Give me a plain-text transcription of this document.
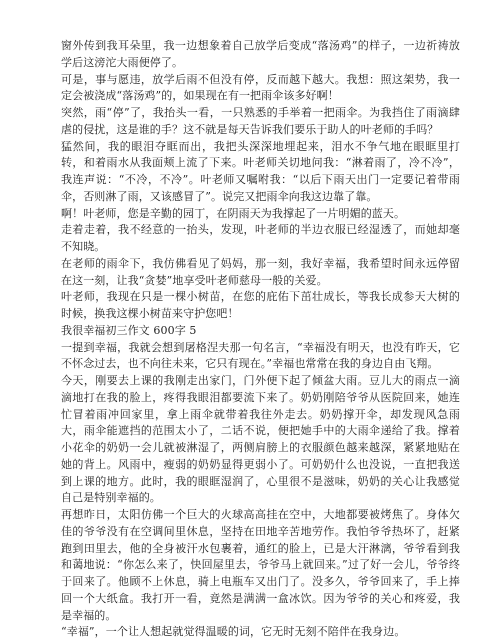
窗外传到我耳朵里，我一边想象着自己放学后变成“落汤鸡”的样子，一边祈祷放学后这滂沱大雨便停了。

可是，事与愿违，放学后雨不但没有停，反而越下越大。我想：照这架势，我一定会被浇成“落汤鸡”的，如果现在有一把雨伞该多好啊！

突然，雨“停”了，我抬头一看，一只熟悉的手举着一把雨伞。为我挡住了雨滴肆虐的侵扰，这是谁的手？这不就是每天告诉我们要乐于助人的叶老师的手吗？

猛然间，我的眼泪夺眶而出，我把头深深地埋起来，泪水不争气地在眼眶里打转，和着雨水从我面颊上流了下来。叶老师关切地问我：“淋着雨了，冷不冷”，我连声说：“不冷，不冷”。叶老师又嘱咐我：“以后下雨天出门一定要记着带雨伞，否则淋了雨，又该感冒了”。说完又把雨伞向我这边靠了靠。

啊！叶老师，您是辛勤的园丁，在阴雨天为我撑起了一片明媚的蓝天。

走着走着，我不经意的一抬头，发现，叶老师的半边衣服已经湿透了，而她却毫不知晓。

在老师的雨伞下，我仿佛看见了妈妈，那一刻，我好幸福，我希望时间永远停留在这一刻，让我“贪婪”地享受叶老师慈母一般的关爱。

叶老师，我现在只是一棵小树苗，在您的庇佑下茁壮成长，等我长成参天大树的时候，换我这棵小树苗来守护您吧！

我很幸福初三作文 600字 5

一提到幸福，我就会想到屠格涅夫那一句名言，“幸福没有明天，也没有昨天，它不怀念过去，也不向往未来，它只有现在。”幸福也常常在我的身边自由飞翔。

今天，刚要去上课的我刚走出家门，门外便下起了倾盆大雨。豆儿大的雨点一滴滴地打在我的脸上，疼得我眼泪都要流下来了。奶奶刚陪爷爷从医院回来，她连忙冒着雨冲回家里，拿上雨伞就带着我往外走去。奶奶撑开伞，却发现风急雨大，雨伞能遮挡的范围太小了，二话不说，便把她手中的大雨伞递给了我。撑着小花伞的奶奶一会儿就被淋湿了，两侧肩膀上的衣服颜色越来越深，紧紧地贴在她的背上。风雨中，瘦弱的奶奶显得更弱小了。可奶奶什么也没说，一直把我送到上课的地方。此时，我的眼眶湿润了，心里很不是滋味，奶奶的关心让我感觉自己是特别幸福的。

再想昨日，太阳仿佛一个巨大的火球高高挂在空中，大地都要被烤焦了。身体欠佳的爷爷没有在空调间里休息，坚持在田地辛苦地劳作。我怕爷爷热坏了，赶紧跑到田里去，他的全身被汗水包裹着，通红的脸上，已是大汗淋漓，爷爷看到我和蔼地说：“你怎么来了，快回屋里去，爷爷马上就回来。”过了好一会儿，爷爷终于回来了。他顾不上休息，骑上电瓶车又出门了。没多久，爷爷回来了，手上捧回一个大纸盒。我打开一看，竟然是满满一盒冰饮。因为爷爷的关心和疼爱，我是幸福的。

“幸福”，一个让人想起就觉得温暖的词，它无时无刻不陪伴在我身边。
